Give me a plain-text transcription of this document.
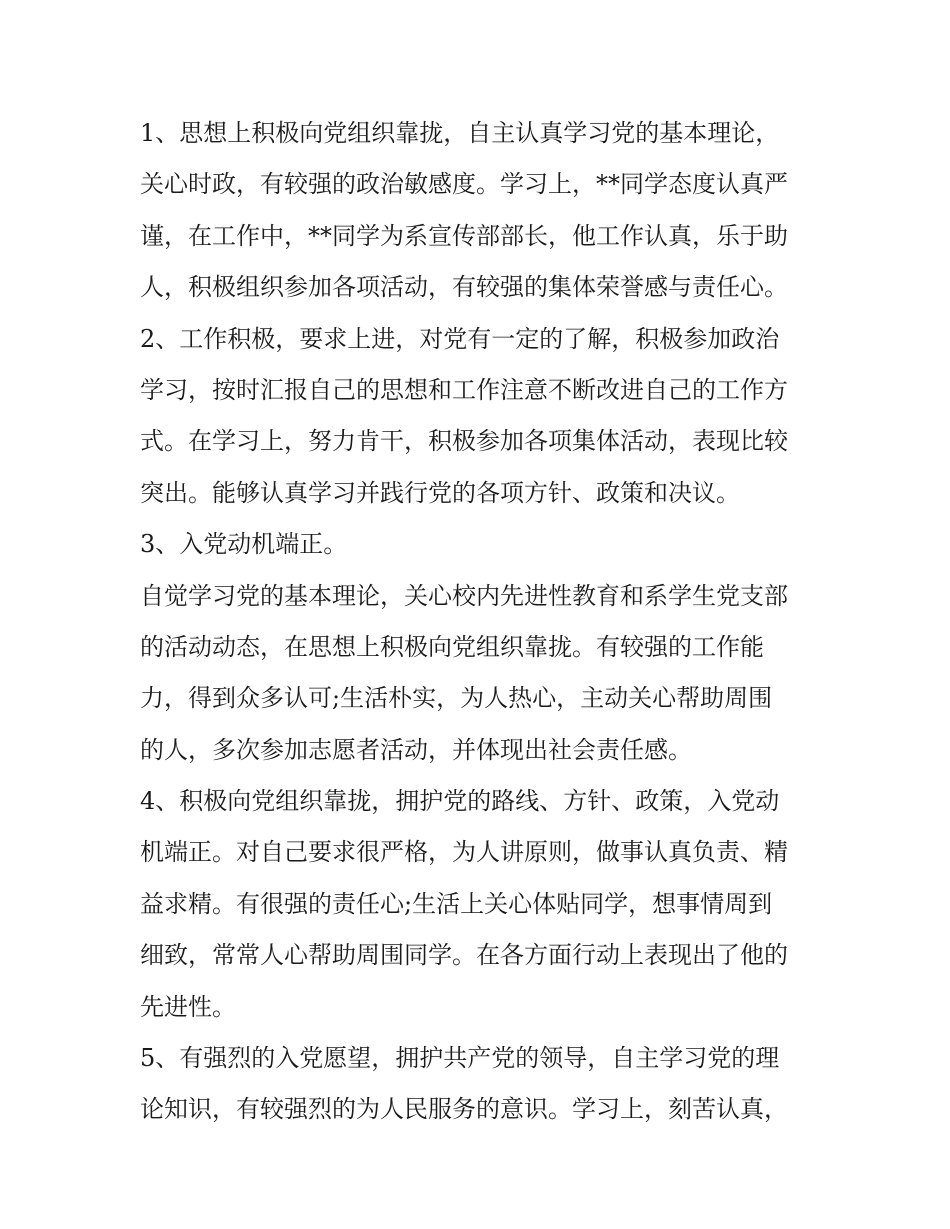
1、思想上积极向党组织靠拢，自主认真学习党的基本理论，
关心时政，有较强的政治敏感度。学习上，**同学态度认真严
谨，在工作中，**同学为系宣传部部长，他工作认真，乐于助
人，积极组织参加各项活动，有较强的集体荣誉感与责任心。
2、工作积极，要求上进，对党有一定的了解，积极参加政治
学习，按时汇报自己的思想和工作注意不断改进自己的工作方
式。在学习上，努力肯干，积极参加各项集体活动，表现比较
突出。能够认真学习并践行党的各项方针、政策和决议。
3、入党动机端正。
自觉学习党的基本理论，关心校内先进性教育和系学生党支部
的活动动态，在思想上积极向党组织靠拢。有较强的工作能
力，得到众多认可;生活朴实，为人热心，主动关心帮助周围
的人，多次参加志愿者活动，并体现出社会责任感。
4、积极向党组织靠拢，拥护党的路线、方针、政策，入党动
机端正。对自己要求很严格，为人讲原则，做事认真负责、精
益求精。有很强的责任心;生活上关心体贴同学，想事情周到
细致，常常人心帮助周围同学。在各方面行动上表现出了他的
先进性。
5、有强烈的入党愿望，拥护共产党的领导，自主学习党的理
论知识，有较强烈的为人民服务的意识。学习上，刻苦认真，
